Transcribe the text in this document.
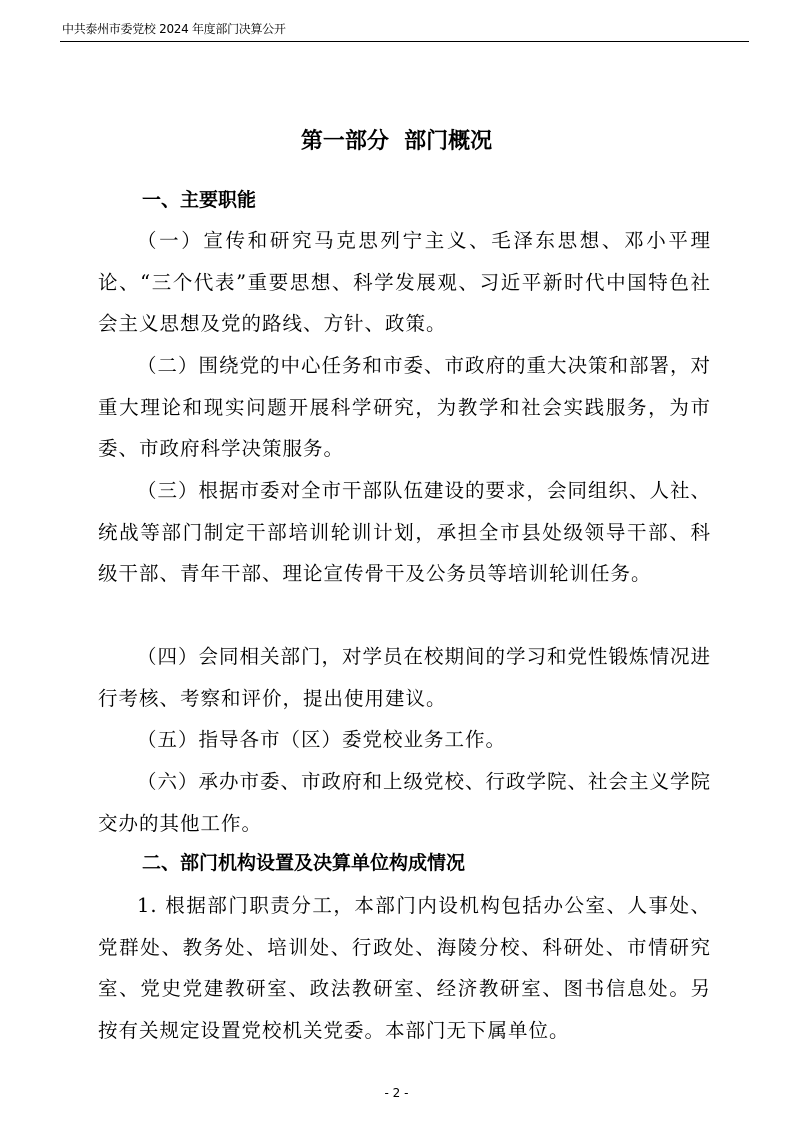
中共泰州市委党校 2024 年度部门决算公开
第一部分  部门概况
一、主要职能

（一）宣传和研究马克思列宁主义、毛泽东思想、邓小平理论、“三个代表”重要思想、科学发展观、习近平新时代中国特色社会主义思想及党的路线、方针、政策。

（二）围绕党的中心任务和市委、市政府的重大决策和部署，对重大理论和现实问题开展科学研究，为教学和社会实践服务，为市委、市政府科学决策服务。

（三）根据市委对全市干部队伍建设的要求，会同组织、人社、统战等部门制定干部培训轮训计划，承担全市县处级领导干部、科级干部、青年干部、理论宣传骨干及公务员等培训轮训任务。

（四）会同相关部门，对学员在校期间的学习和党性锻炼情况进行考核、考察和评价，提出使用建议。

（五）指导各市（区）委党校业务工作。

（六）承办市委、市政府和上级党校、行政学院、社会主义学院交办的其他工作。

二、部门机构设置及决算单位构成情况

1. 根据部门职责分工，本部门内设机构包括办公室、人事处、党群处、教务处、培训处、行政处、海陵分校、科研处、市情研究室、党史党建教研室、政法教研室、经济教研室、图书信息处。另按有关规定设置党校机关党委。本部门无下属单位。

- 2 -
